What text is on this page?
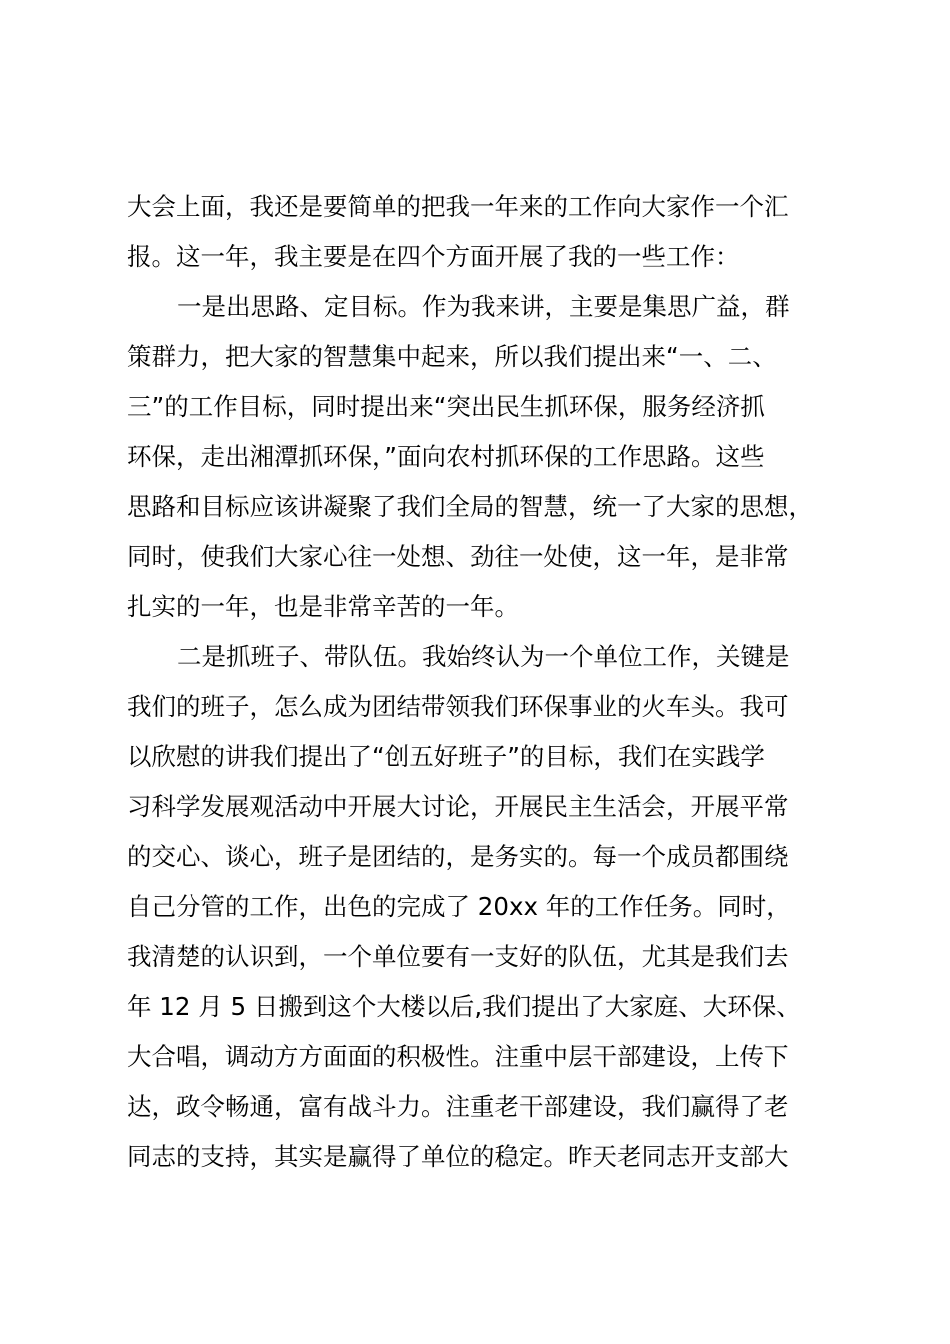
大会上面，我还是要简单的把我一年来的工作向大家作一个汇
报。这一年，我主要是在四个方面开展了我的一些工作：
一是出思路、定目标。作为我来讲，主要是集思广益，群
策群力，把大家的智慧集中起来，所以我们提出来“一、二、
三”的工作目标，同时提出来“突出民生抓环保，服务经济抓
环保，走出湘潭抓环保，”面向农村抓环保的工作思路。这些
思路和目标应该讲凝聚了我们全局的智慧，统一了大家的思想，
同时，使我们大家心往一处想、劲往一处使，这一年，是非常
扎实的一年，也是非常辛苦的一年。
二是抓班子、带队伍。我始终认为一个单位工作，关键是
我们的班子，怎么成为团结带领我们环保事业的火车头。我可
以欣慰的讲我们提出了“创五好班子”的目标，我们在实践学
习科学发展观活动中开展大讨论，开展民主生活会，开展平常
的交心、谈心，班子是团结的，是务实的。每一个成员都围绕
自己分管的工作，出色的完成了 20xx 年的工作任务。同时，
我清楚的认识到，一个单位要有一支好的队伍，尤其是我们去
年 12 月 5 日搬到这个大楼以后,我们提出了大家庭、大环保、
大合唱，调动方方面面的积极性。注重中层干部建设，上传下
达，政令畅通，富有战斗力。注重老干部建设，我们赢得了老
同志的支持，其实是赢得了单位的稳定。昨天老同志开支部大
